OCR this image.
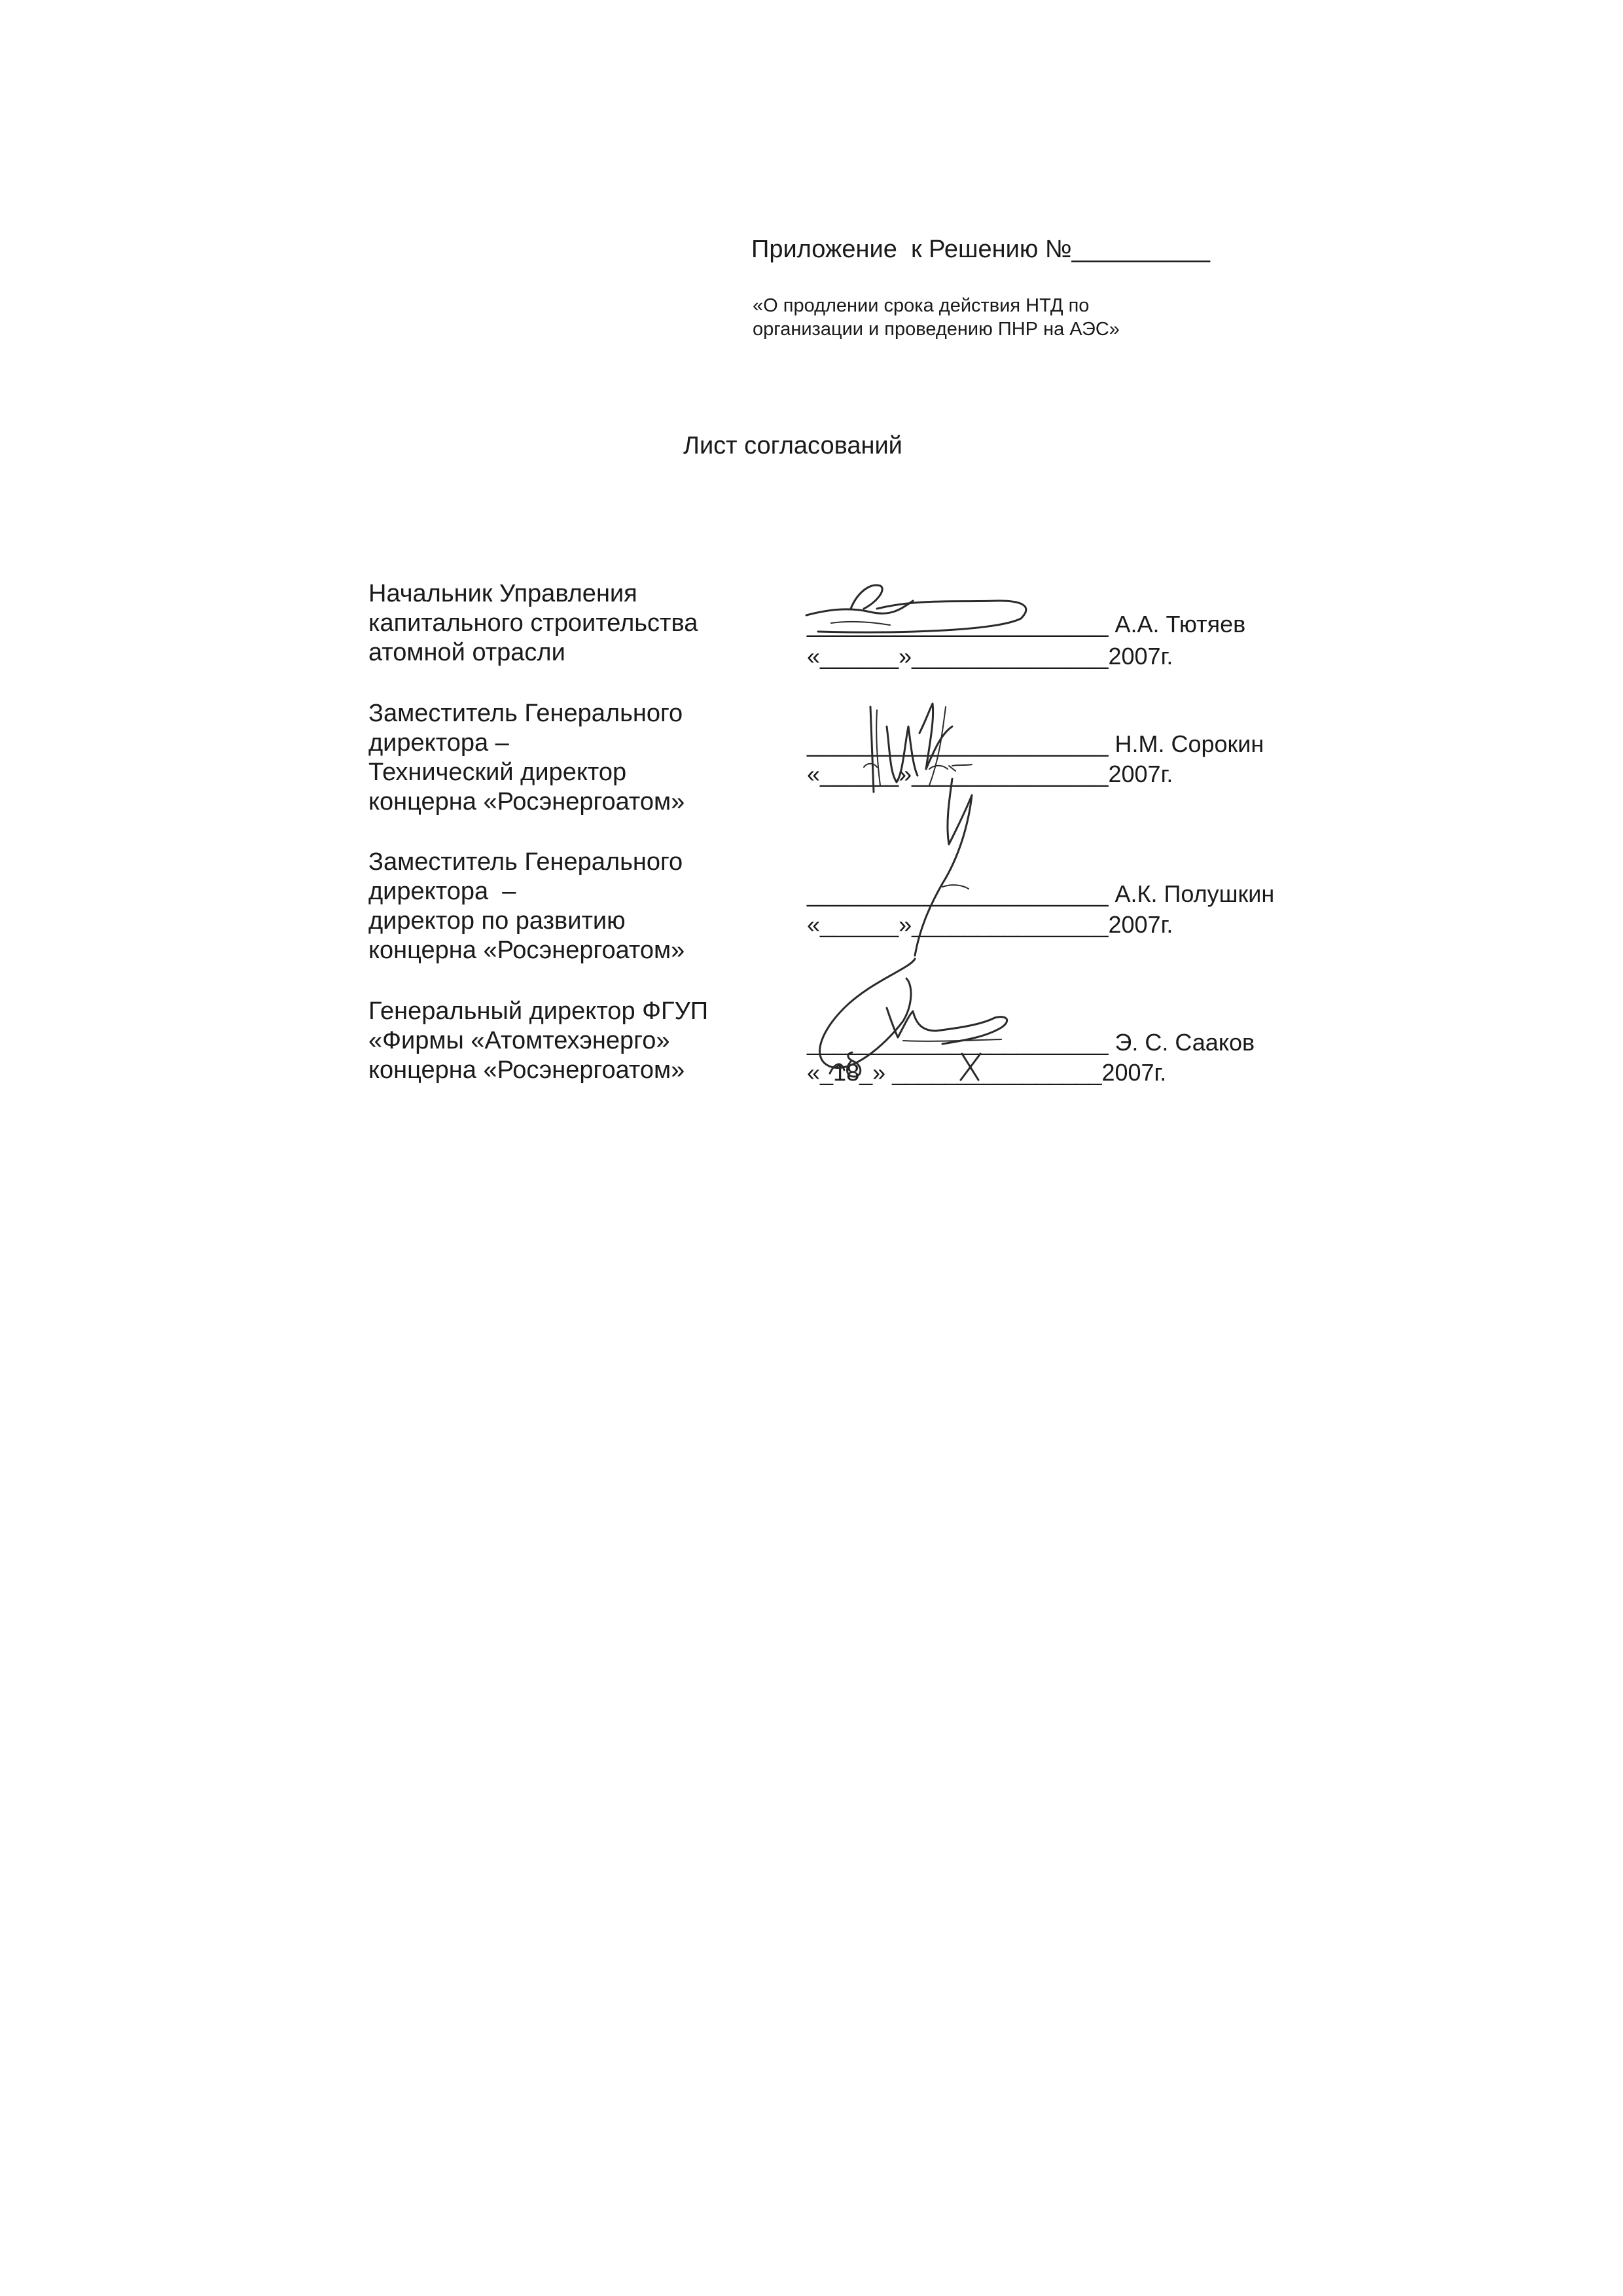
Приложение  к Решению №__________
«О продлении срока действия НТД по
организации и проведению ПНР на АЭС»
Лист согласований
Начальник Управления
капитального строительства
атомной отрасли
_______________________ А.А. Тютяев
«______»_______________2007г.
Заместитель Генерального
директора –
Технический директор
концерна «Росэнергоатом»
_______________________ Н.М. Сорокин
«______»_______________2007г.
Заместитель Генерального
директора  –
директор по развитию
концерна «Росэнергоатом»
_______________________ А.К. Полушкин
«______»_______________2007г.
Генеральный директор ФГУП
«Фирмы «Атомтехэнерго»
концерна «Росэнергоатом»
_______________________ Э. С. Сааков
«_18_» ________________2007г.
